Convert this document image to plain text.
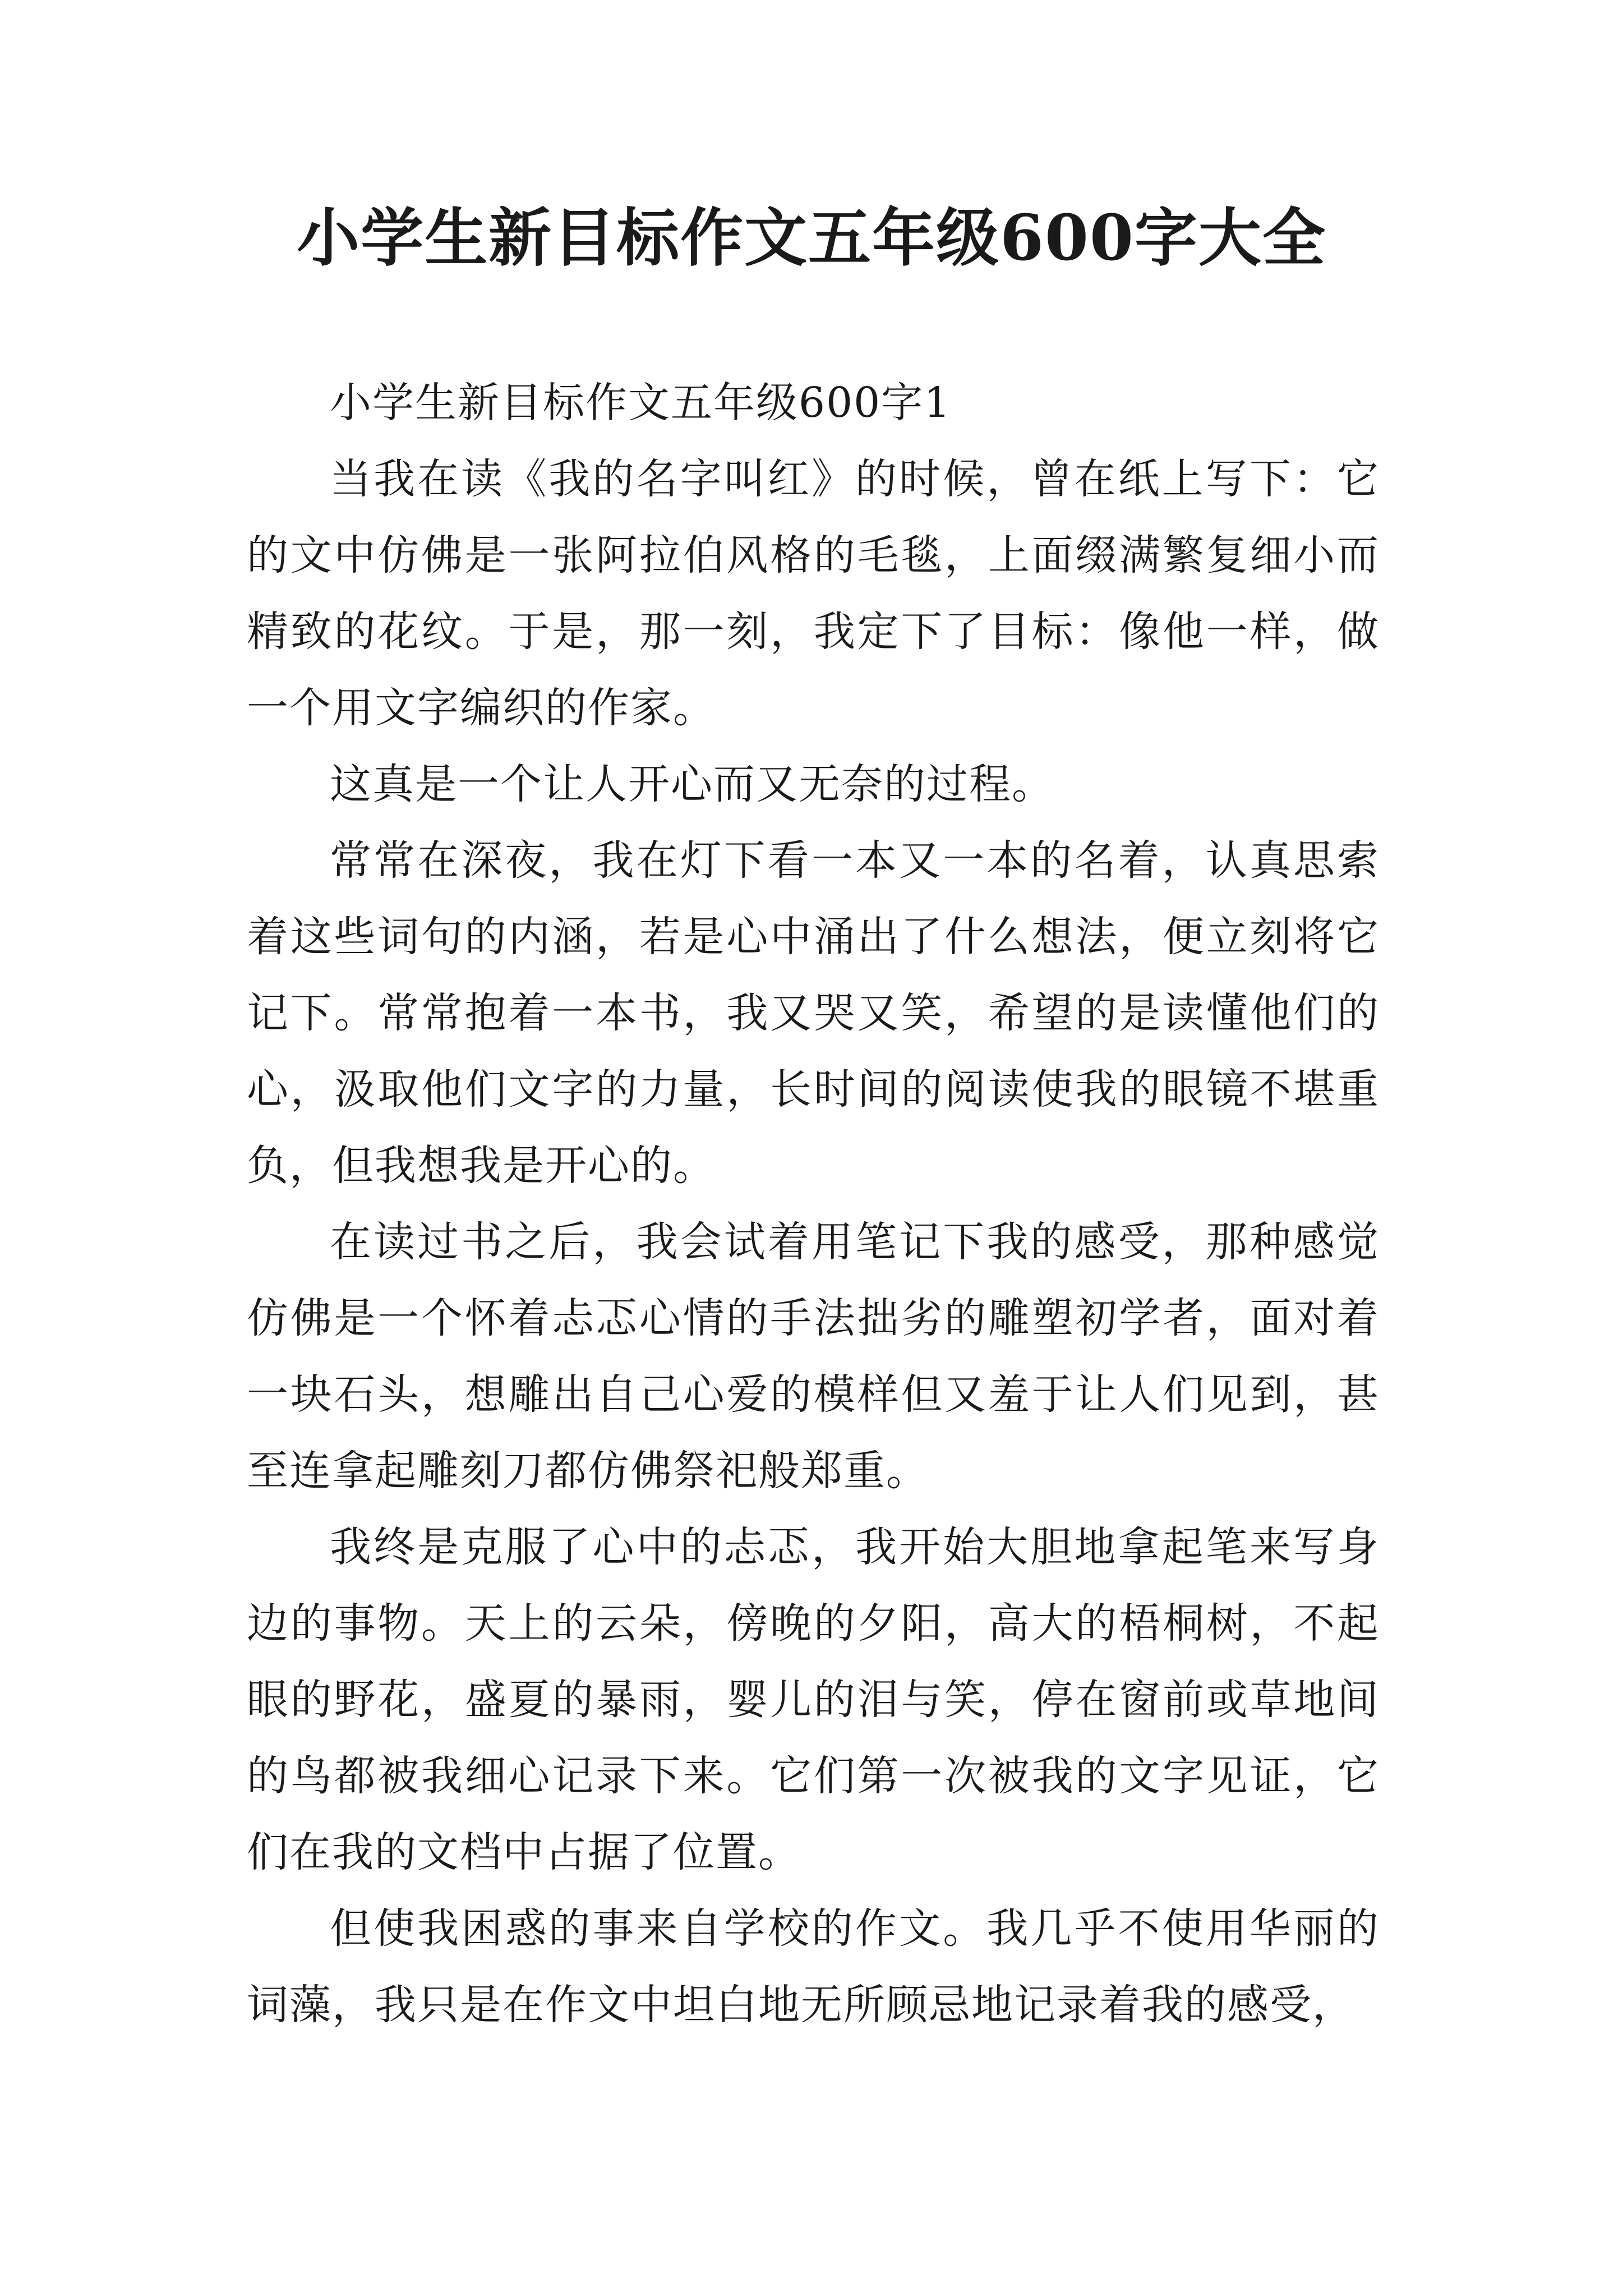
小学生新目标作文五年级600字大全

小学生新目标作文五年级600字1

当我在读《我的名字叫红》的时候，曾在纸上写下：它的文中仿佛是一张阿拉伯风格的毛毯，上面缀满繁复细小而精致的花纹。于是，那一刻，我定下了目标：像他一样，做一个用文字编织的作家。

这真是一个让人开心而又无奈的过程。

常常在深夜，我在灯下看一本又一本的名着，认真思索着这些词句的内涵，若是心中涌出了什么想法，便立刻将它记下。常常抱着一本书，我又哭又笑，希望的是读懂他们的心，汲取他们文字的力量，长时间的阅读使我的眼镜不堪重负，但我想我是开心的。

在读过书之后，我会试着用笔记下我的感受，那种感觉仿佛是一个怀着忐忑心情的手法拙劣的雕塑初学者，面对着一块石头，想雕出自己心爱的模样但又羞于让人们见到，甚至连拿起雕刻刀都仿佛祭祀般郑重。

我终是克服了心中的忐忑，我开始大胆地拿起笔来写身边的事物。天上的云朵，傍晚的夕阳，高大的梧桐树，不起眼的野花，盛夏的暴雨，婴儿的泪与笑，停在窗前或草地间的鸟都被我细心记录下来。它们第一次被我的文字见证，它们在我的文档中占据了位置。

但使我困惑的事来自学校的作文。我几乎不使用华丽的词藻，我只是在作文中坦白地无所顾忌地记录着我的感受，
